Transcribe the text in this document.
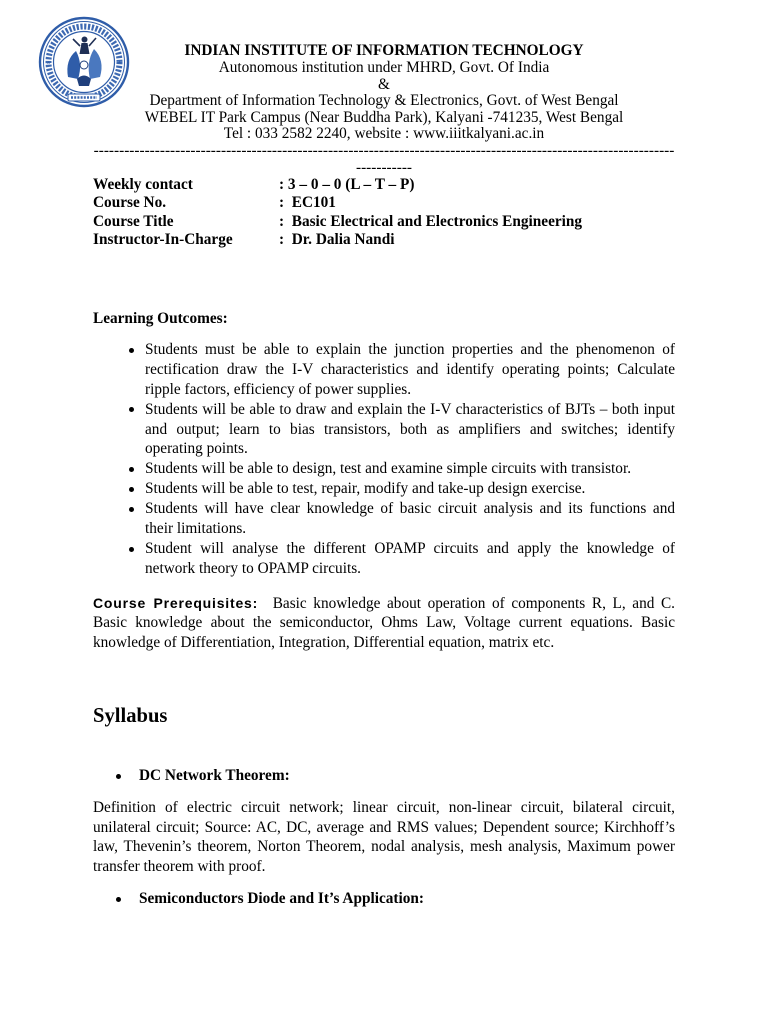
INDIAN INSTITUTE OF INFORMATION TECHNOLOGY
Autonomous institution under MHRD, Govt. Of India
&
Department of Information Technology & Electronics, Govt. of West Bengal
WEBEL IT Park Campus (Near Buddha Park), Kalyani -741235, West Bengal
Tel : 033 2582 2240, website : www.iiitkalyani.ac.in
------------------------------------------------------------------------------------------------------------------
-----------
Weekly contact	: 3 – 0 – 0 (L – T – P)
Course No.	:  EC101
Course Title	:  Basic Electrical and Electronics Engineering
Instructor-In-Charge	:  Dr. Dalia Nandi
Learning Outcomes:
Students must be able to explain the junction properties and the phenomenon of
rectification draw the I-V characteristics and identify operating points; Calculate
ripple factors, efficiency of power supplies.
Students will be able to draw and explain the I-V characteristics of BJTs – both input
and output; learn to bias transistors, both as amplifiers and switches; identify
operating points.
Students will be able to design, test and examine simple circuits with transistor.
Students will be able to test, repair, modify and take-up design exercise.
Students will have clear knowledge of basic circuit analysis and its functions and
their limitations.
Student will analyse the different OPAMP circuits and apply the knowledge of
network theory to OPAMP circuits.
Course Prerequisites: Basic knowledge about operation of components R, L, and C.
Basic knowledge about the semiconductor, Ohms Law, Voltage current equations. Basic
knowledge of Differentiation, Integration, Differential equation, matrix etc.
Syllabus
DC Network Theorem:
Definition of electric circuit network; linear circuit, non-linear circuit, bilateral circuit,
unilateral circuit; Source: AC, DC, average and RMS values; Dependent source; Kirchhoff’s
law, Thevenin’s theorem, Norton Theorem, nodal analysis, mesh analysis, Maximum power
transfer theorem with proof.
Semiconductors Diode and It’s Application:
